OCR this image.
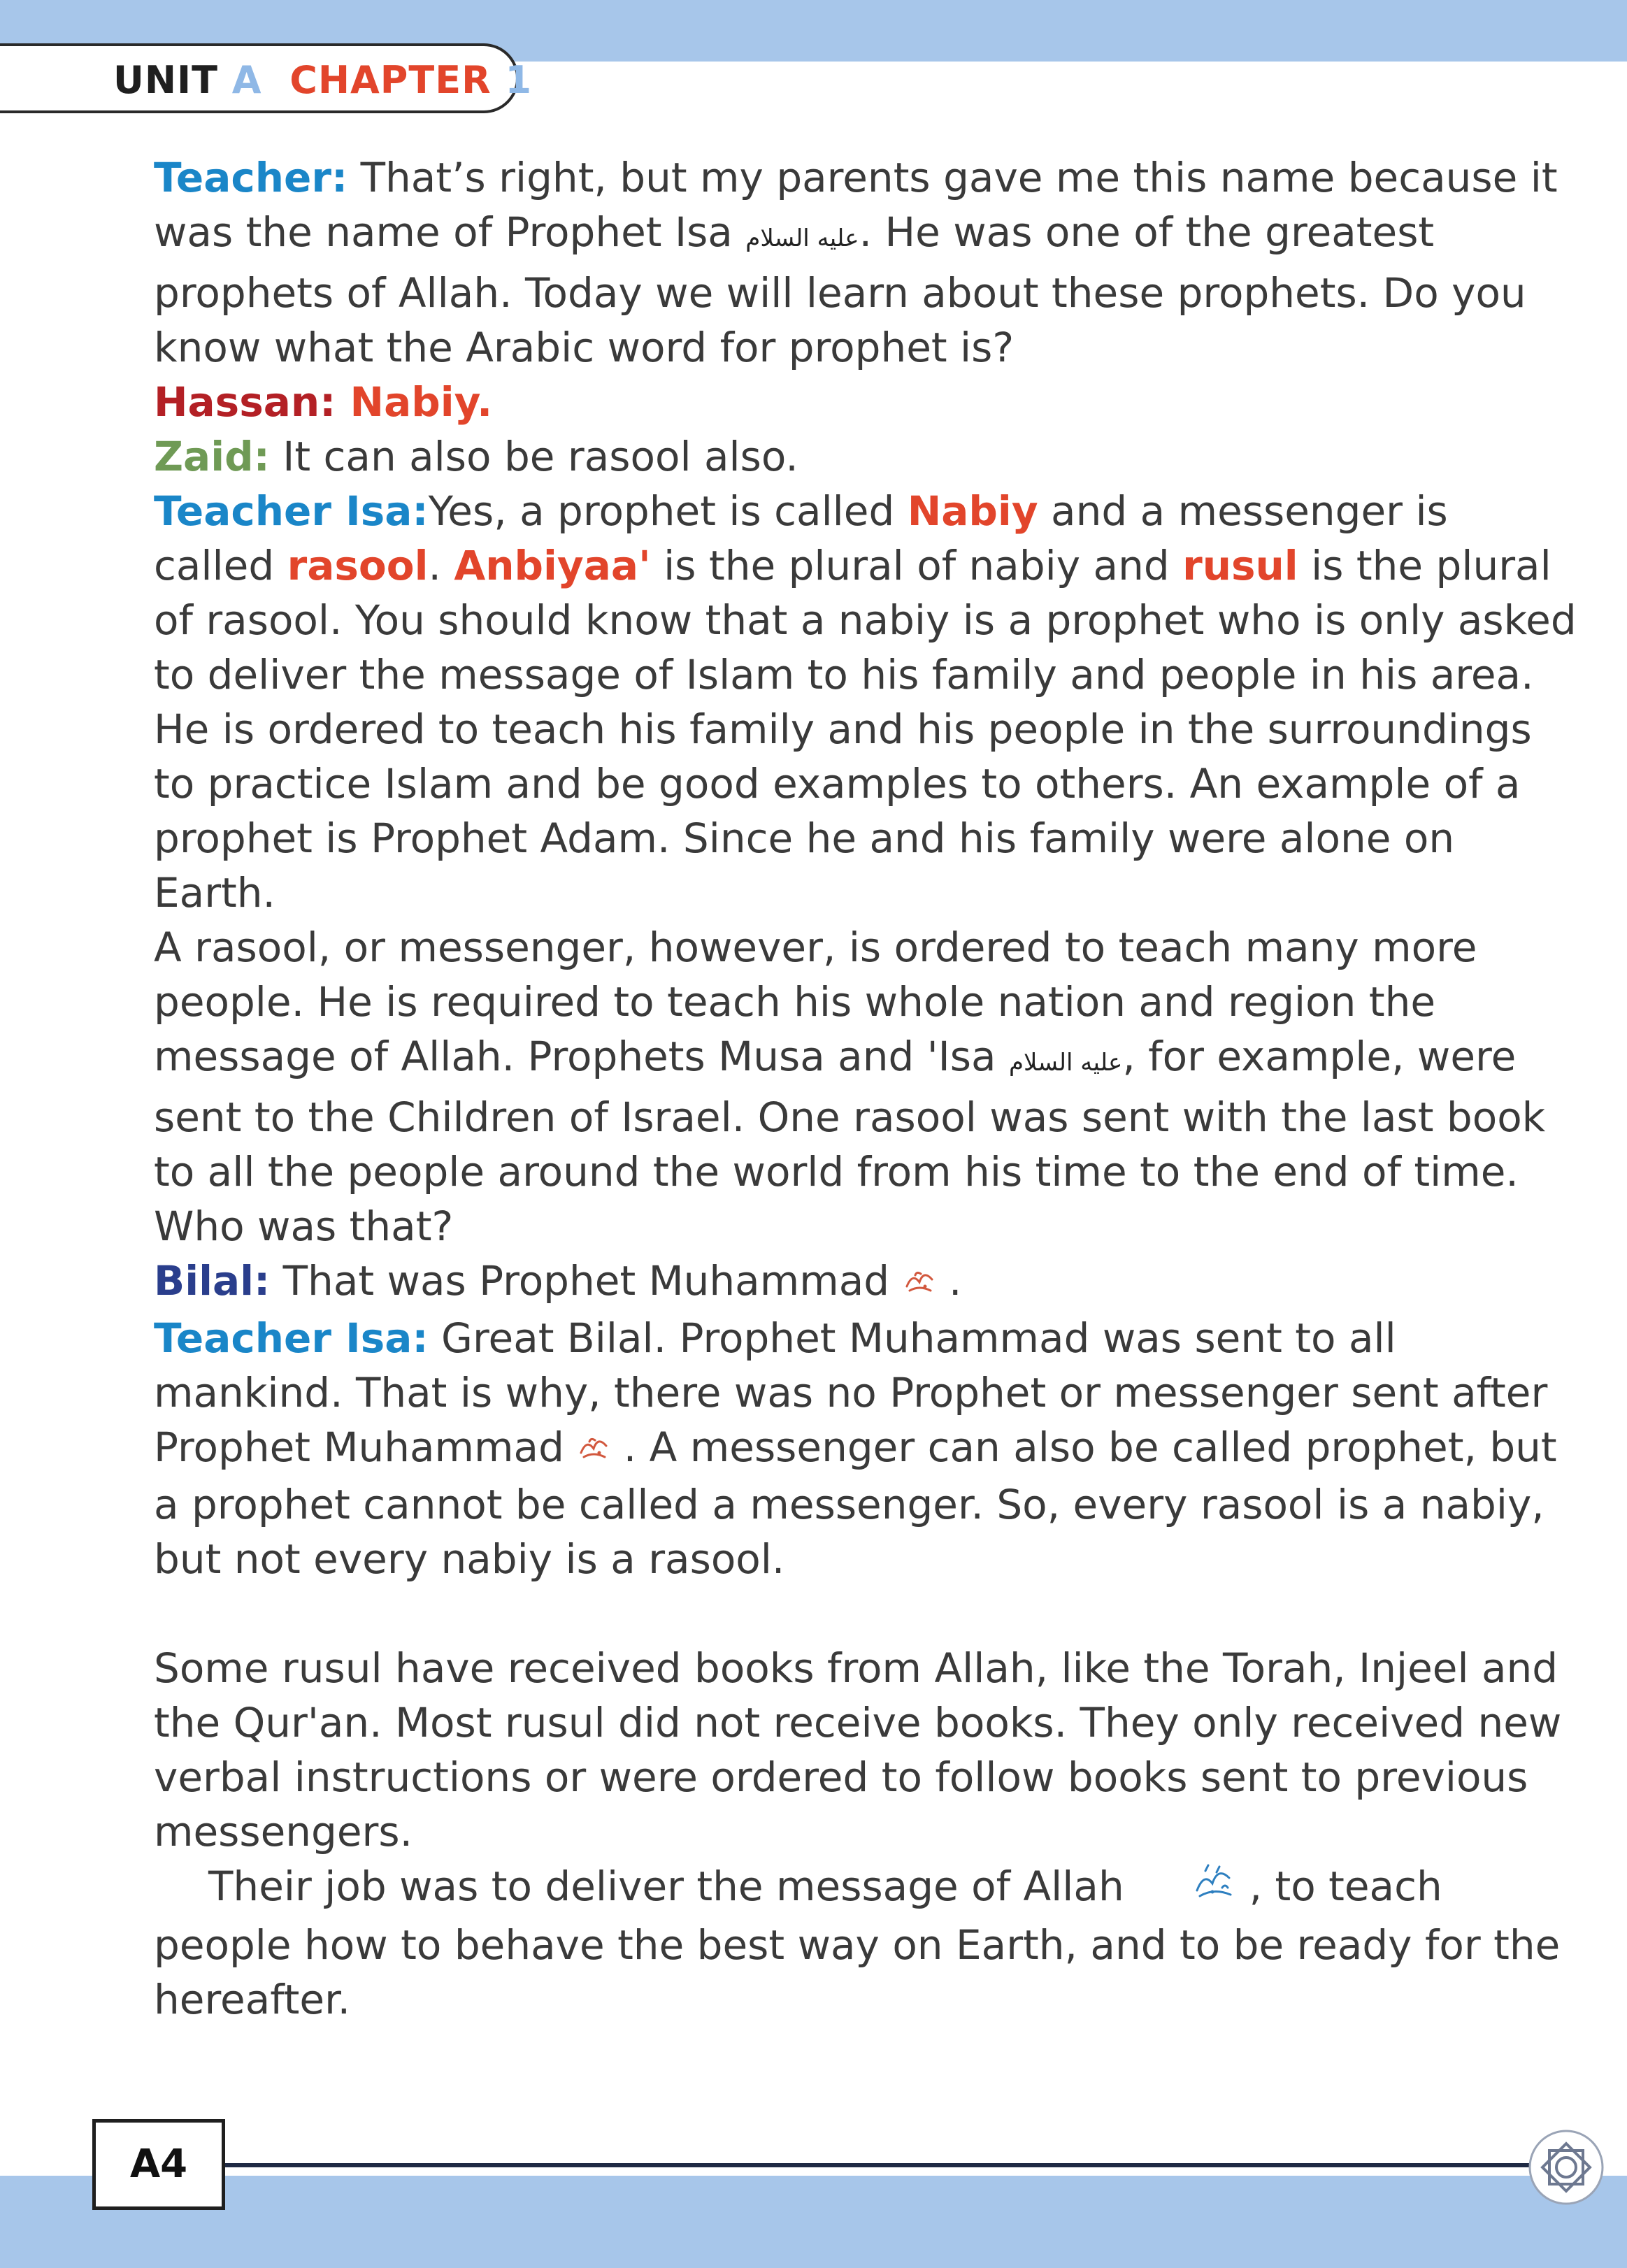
UNIT A CHAPTER 1

Teacher: That’s right, but my parents gave me this name because it was the name of Prophet Isa عليه السلام. He was one of the greatest prophets of Allah. Today we will learn about these prophets. Do you know what the Arabic word for prophet is?

Hassan: Nabiy.

Zaid: It can also be rasool also.

Teacher Isa:Yes, a prophet is called Nabiy and a messenger is called rasool. Anbiyaa' is the plural of nabiy and rusul is the plural of rasool. You should know that a nabiy is a prophet who is only asked to deliver the message of Islam to his family and people in his area. He is ordered to teach his family and his people in the surroundings to practice Islam and be good examples to others. An example of a prophet is Prophet Adam. Since he and his family were alone on Earth.

A rasool, or messenger, however, is ordered to teach many more people. He is required to teach his whole nation and region the message of Allah. Prophets Musa and 'Isa عليه السلام, for example, were sent to the Children of Israel. One rasool was sent with the last book to all the people around the world from his time to the end of time. Who was that?

Bilal: That was Prophet Muhammad  .

Teacher Isa: Great Bilal. Prophet Muhammad was sent to all mankind. That is why, there was no Prophet or messenger sent after Prophet Muhammad  . A messenger can also be called prophet, but a prophet cannot be called a messenger. So, every rasool is a nabiy, but not every nabiy is a rasool.

Some rusul have received books from Allah, like the Torah, Injeel and the Qur'an. Most rusul did not receive books. They only received new verbal instructions or were ordered to follow books sent to previous messengers.

Their job was to deliver the message of Allah  , to teach people how to behave the best way on Earth, and to be ready for the hereafter.

A4
